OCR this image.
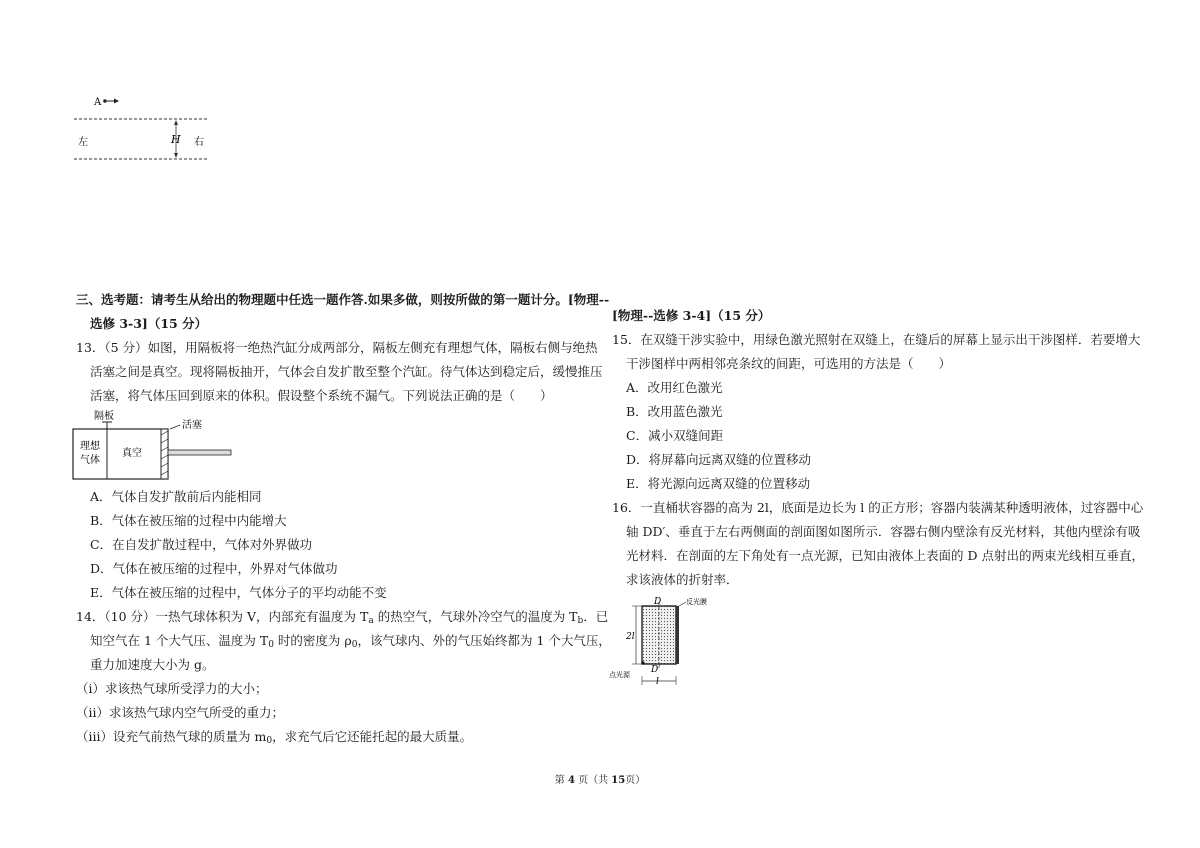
A
H
左	右
三、选考题：请考生从给出的物理题中任选一题作答.如果多做，则按所做的第一题计分。[物理--
选修 3-3]（15 分）
13．（5 分）如图，用隔板将一绝热汽缸分成两部分，隔板左侧充有理想气体，隔板右侧与绝热
活塞之间是真空。现将隔板抽开，气体会自发扩散至整个汽缸。待气体达到稳定后，缓慢推压
活塞，将气体压回到原来的体积。假设整个系统不漏气。下列说法正确的是（　　）
隔板
活塞
理想
气体
真空
A．气体自发扩散前后内能相同
B．气体在被压缩的过程中内能增大
C．在自发扩散过程中，气体对外界做功
D．气体在被压缩的过程中，外界对气体做功
E．气体在被压缩的过程中，气体分子的平均动能不变
14．（10 分）一热气球体积为 V，内部充有温度为 $T_a$ 的热空气，气球外冷空气的温度为 $T_b$．已
知空气在 1 个大气压、温度为 $T_0$ 时的密度为 $\rho_0$，该气球内、外的气压始终都为 1 个大气压，
重力加速度大小为 g。
（i）求该热气球所受浮力的大小；
（ii）求该热气球内空气所受的重力；
（iii）设充气前热气球的质量为 $m_0$，求充气后它还能托起的最大质量。
[物理--选修 3-4]（15 分）
15．在双缝干涉实验中，用绿色激光照射在双缝上，在缝后的屏幕上显示出干涉图样．若要增大
干涉图样中两相邻亮条纹的间距，可选用的方法是（　　）
A．改用红色激光
B．改用蓝色激光
C．减小双缝间距
D．将屏幕向远离双缝的位置移动
E．将光源向远离双缝的位置移动
16．一直桶状容器的高为 2l，底面是边长为 l 的正方形；容器内装满某种透明液体，过容器中心
轴 DD′、垂直于左右两侧面的剖面图如图所示．容器右侧内壁涂有反光材料，其他内壁涂有吸
光材料．在剖面的左下角处有一点光源，已知由液体上表面的 D 点射出的两束光线相互垂直，
求该液体的折射率．
D
D′
反光膜
2l
l
点光源
第 4 页（共 15页）
